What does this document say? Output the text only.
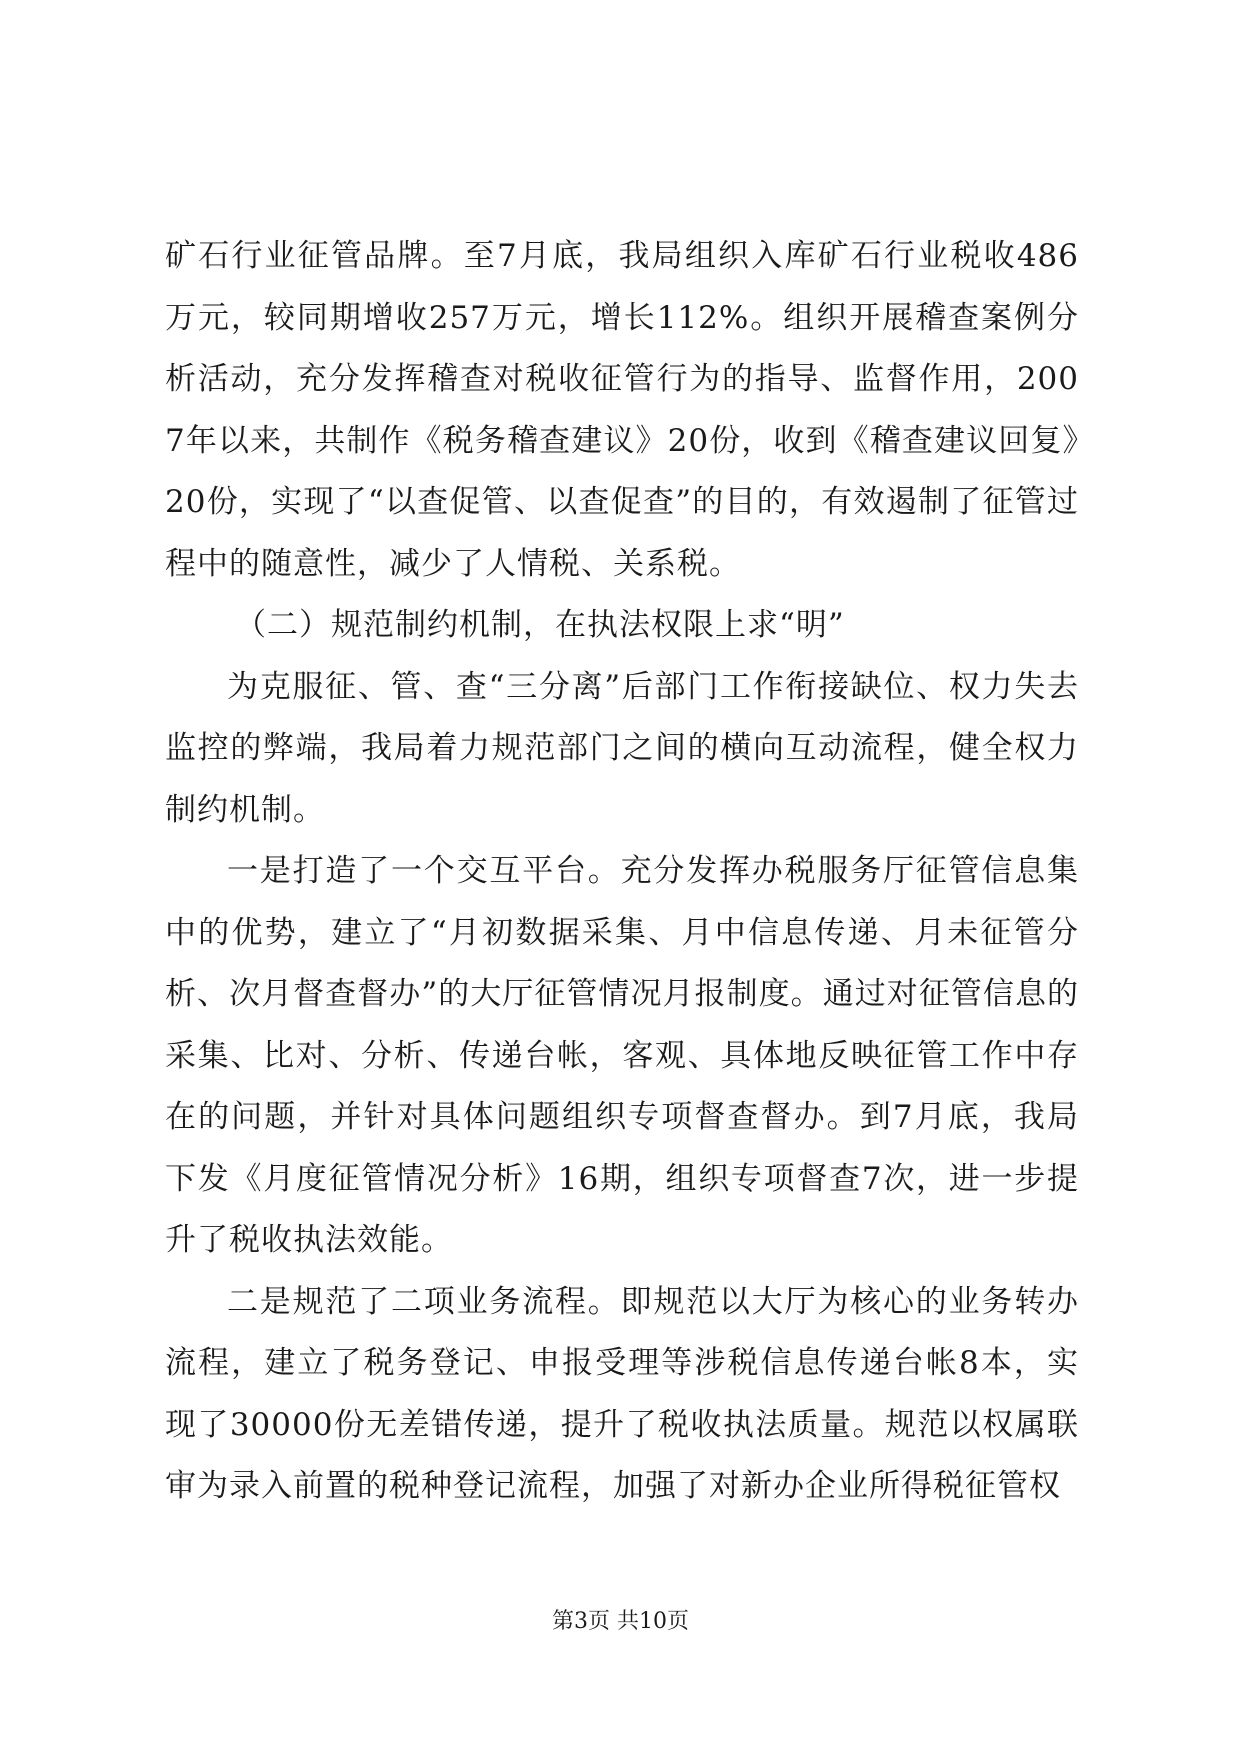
矿石行业征管品牌。至7月底，我局组织入库矿石行业税收486万元，较同期增收257万元，增长112%。组织开展稽查案例分析活动，充分发挥稽查对税收征管行为的指导、监督作用，2007年以来，共制作《税务稽查建议》20份，收到《稽查建议回复》20份，实现了“以查促管、以查促查”的目的，有效遏制了征管过程中的随意性，减少了人情税、关系税。

（二）规范制约机制，在执法权限上求“明”

为克服征、管、查“三分离”后部门工作衔接缺位、权力失去监控的弊端，我局着力规范部门之间的横向互动流程，健全权力制约机制。

一是打造了一个交互平台。充分发挥办税服务厅征管信息集中的优势，建立了“月初数据采集、月中信息传递、月未征管分析、次月督查督办”的大厅征管情况月报制度。通过对征管信息的采集、比对、分析、传递台帐，客观、具体地反映征管工作中存在的问题，并针对具体问题组织专项督查督办。到7月底，我局下发《月度征管情况分析》16期，组织专项督查7次，进一步提升了税收执法效能。

二是规范了二项业务流程。即规范以大厅为核心的业务转办流程，建立了税务登记、申报受理等涉税信息传递台帐8本，实现了30000份无差错传递，提升了税收执法质量。规范以权属联审为录入前置的税种登记流程，加强了对新办企业所得税征管权

第3页 共10页
